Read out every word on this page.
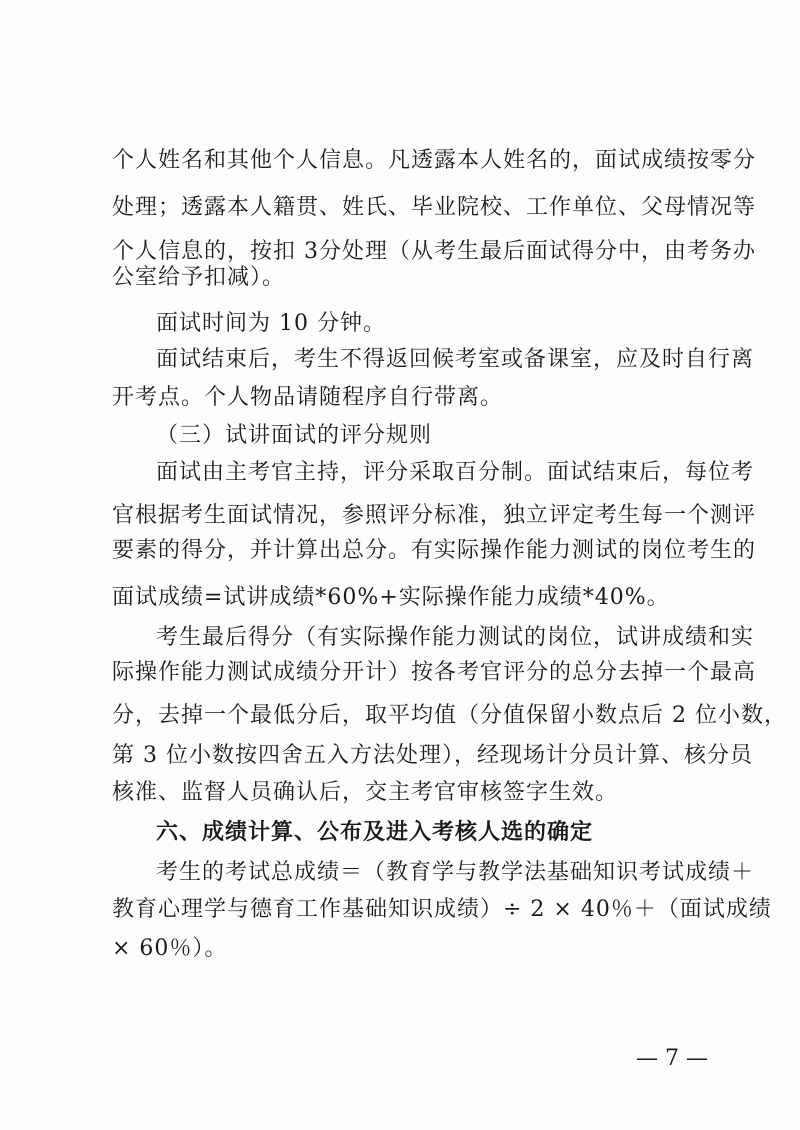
个人姓名和其他个人信息。凡透露本人姓名的，面试成绩按零分
处理；透露本人籍贯、姓氏、毕业院校、工作单位、父母情况等
个人信息的，按扣 3分处理（从考生最后面试得分中，由考务办
公室给予扣减）。
面试时间为 10 分钟。
面试结束后，考生不得返回候考室或备课室，应及时自行离
开考点。个人物品请随程序自行带离。
（三）试讲面试的评分规则
面试由主考官主持，评分采取百分制。面试结束后，每位考
官根据考生面试情况，参照评分标准，独立评定考生每一个测评
要素的得分，并计算出总分。有实际操作能力测试的岗位考生的
面试成绩=试讲成绩*60%+实际操作能力成绩*40%。
考生最后得分（有实际操作能力测试的岗位，试讲成绩和实
际操作能力测试成绩分开计）按各考官评分的总分去掉一个最高
分，去掉一个最低分后，取平均值（分值保留小数点后 2 位小数，
第 3 位小数按四舍五入方法处理），经现场计分员计算、核分员
核准、监督人员确认后，交主考官审核签字生效。
六、成绩计算、公布及进入考核人选的确定
考生的考试总成绩＝（教育学与教学法基础知识考试成绩＋
教育心理学与德育工作基础知识成绩）÷ 2 × 40％＋（面试成绩
× 60％）。
— 7 —
